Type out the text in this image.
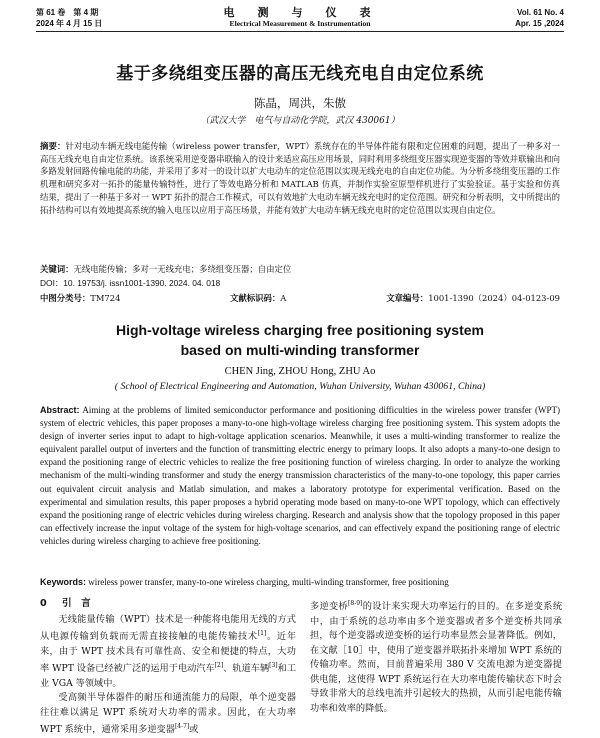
第 61 卷　第 4 期
2024 年 4 月 15 日
电　测　与　仪　表
Electrical Measurement & Instrumentation
Vol. 61 No. 4
Apr. 15 ,2024
基于多绕组变压器的高压无线充电自由定位系统
陈晶，周洪，朱傲
（武汉大学　电气与自动化学院，武汉 430061）
摘要：针对电动车辆无线电能传输（wireless power transfer，WPT）系统存在的半导体件能有限和定位困难的问题，提出了一种多对一高压无线充电自由定位系统。该系统采用逆变器串联输入的设计来适应高压应用场景，同时利用多绕组变压器实现逆变器的等效并联输出和向多路发射回路传输电能的功能，并采用了多对一的设计以扩大电动车的定位范围以实现无线充电的自由定位功能。为分析多绕组变压器的工作机理和研究多对一拓扑的能量传输特性，进行了等效电路分析和 MATLAB 仿真，并制作实验室原型样机进行了实验验证。基于实验和仿真结果，提出了一种基于多对一 WPT 拓扑的混合工作模式，可以有效地扩大电动车辆无线充电时的定位范围。研究和分析表明，文中所提出的拓扑结构可以有效地提高系统的输入电压以应用于高压场景，并能有效扩大电动车辆无线充电时的定位范围以实现自由定位。
关键词：无线电能传输；多对一无线充电；多绕组变压器；自由定位
DOI：10. 19753/j. issn1001-1390. 2024. 04. 018
中图分类号：TM724	文献标识码：A	文章编号：1001-1390（2024）04-0123-09
High-voltage wireless charging free positioning system
based on multi-winding transformer
CHEN Jing, ZHOU Hong, ZHU Ao
( School of Electrical Engineering and Automation, Wuhan University, Wuhan 430061, China)
Abstract: Aiming at the problems of limited semiconductor performance and positioning difficulties in the wireless power transfer (WPT) system of electric vehicles, this paper proposes a many-to-one high-voltage wireless charging free positioning system. This system adopts the design of inverter series input to adapt to high-voltage application scenarios. Meanwhile, it uses a multi-winding transformer to realize the equivalent parallel output of inverters and the function of transmitting electric energy to primary loops. It also adopts a many-to-one design to expand the positioning range of electric vehicles to realize the free positioning function of wireless charging. In order to analyze the working mechanism of the multi-winding transformer and study the energy transmission characteristics of the many-to-one topology, this paper carries out equivalent circuit analysis and Matlab simulation, and makes a laboratory prototype for experimental verification. Based on the experimental and simulation results, this paper proposes a hybrid operating mode based on many-to-one WPT topology, which can effectively expand the positioning range of electric vehicles during wireless charging. Research and analysis show that the topology proposed in this paper can effectively increase the input voltage of the system for high-voltage scenarios, and can effectively expand the positioning range of electric vehicles during wireless charging to achieve free positioning.
Keywords: wireless power transfer, many-to-one wireless charging, multi-winding transformer, free positioning
0 引　言
无线能量传输（WPT）技术是一种能将电能用无线的方式从电源传输到负载而无需直接接触的电能传输技术[1]。近年来，由于 WPT 技术具有可靠性高、安全和便捷的特点，大功率 WPT 设备已经被广泛的运用于电动汽车[2]、轨道车辆[3]和工业 VGA 等领域中。
受高频半导体器件的耐压和通流能力的局限，单个逆变器往往难以满足 WPT 系统对大功率的需求。因此，在大功率 WPT 系统中，通常采用多逆变器[4-7]或
多逆变桥[8-9]的设计来实现大功率运行的目的。在多逆变系统中，由于系统的总功率由多个逆变器或者多个逆变桥共同承担，每个逆变器或逆变桥的运行功率显然会显著降低。例如，在文献［10］中，使用了逆变器并联拓扑来增加 WPT 系统的传输功率。然而，目前普遍采用 380 V 交流电源为逆变器提供电能，这使得 WPT 系统运行在大功率电能传输状态下时会导致非常大的总线电流并引起较大的热损，从而引起电能传输功率和效率的降低。
